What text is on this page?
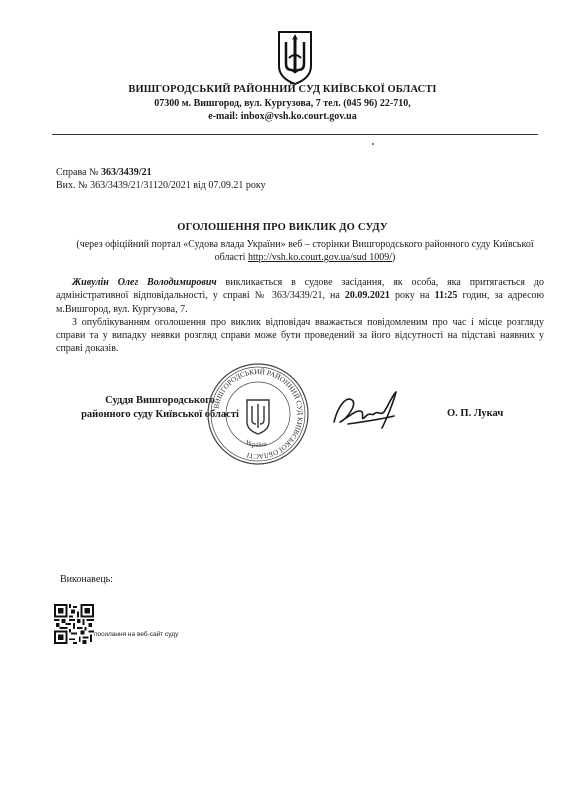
ВИШГОРОДСЬКИЙ РАЙОННИЙ СУД КИЇВСЬКОЇ ОБЛАСТІ
07300 м. Вишгород, вул. Кургузова, 7 тел. (045 96) 22-710,
e-mail: inbox@vsh.ko.court.gov.ua
Справа № 363/3439/21
Вих. № 363/3439/21/31120/2021 від 07.09.21 року
ОГОЛОШЕННЯ ПРО ВИКЛИК ДО СУДУ
(через офіційний портал «Судова влада України» веб – сторінки Вишгородського районного суду Київської області http://vsh.ko.court.gov.ua/sud 1009/)

Живулін Олег Володимирович викликається в судове засідання, як особа, яка притягається до адміністративної відповідальності, у справі № 363/3439/21, на 20.09.2021 року на 11:25 годин, за адресою м.Вишгород, вул. Кургузова, 7.

З опублікуванням оголошення про виклик відповідач вважається повідомленим про час і місце розгляду справи та у випадку неявки розгляд справи може бути проведений за його відсутності на підставі наявних у справі доказів.

Суддя Вишгородського
районного суду Київської області
ВИШГОРОДСЬКИЙ РАЙОННИЙ СУД КИЇВСЬКОЇ ОБЛАСТІ
Україна
О. П. Лукач
Виконавець:
посилання на веб-сайт суду
